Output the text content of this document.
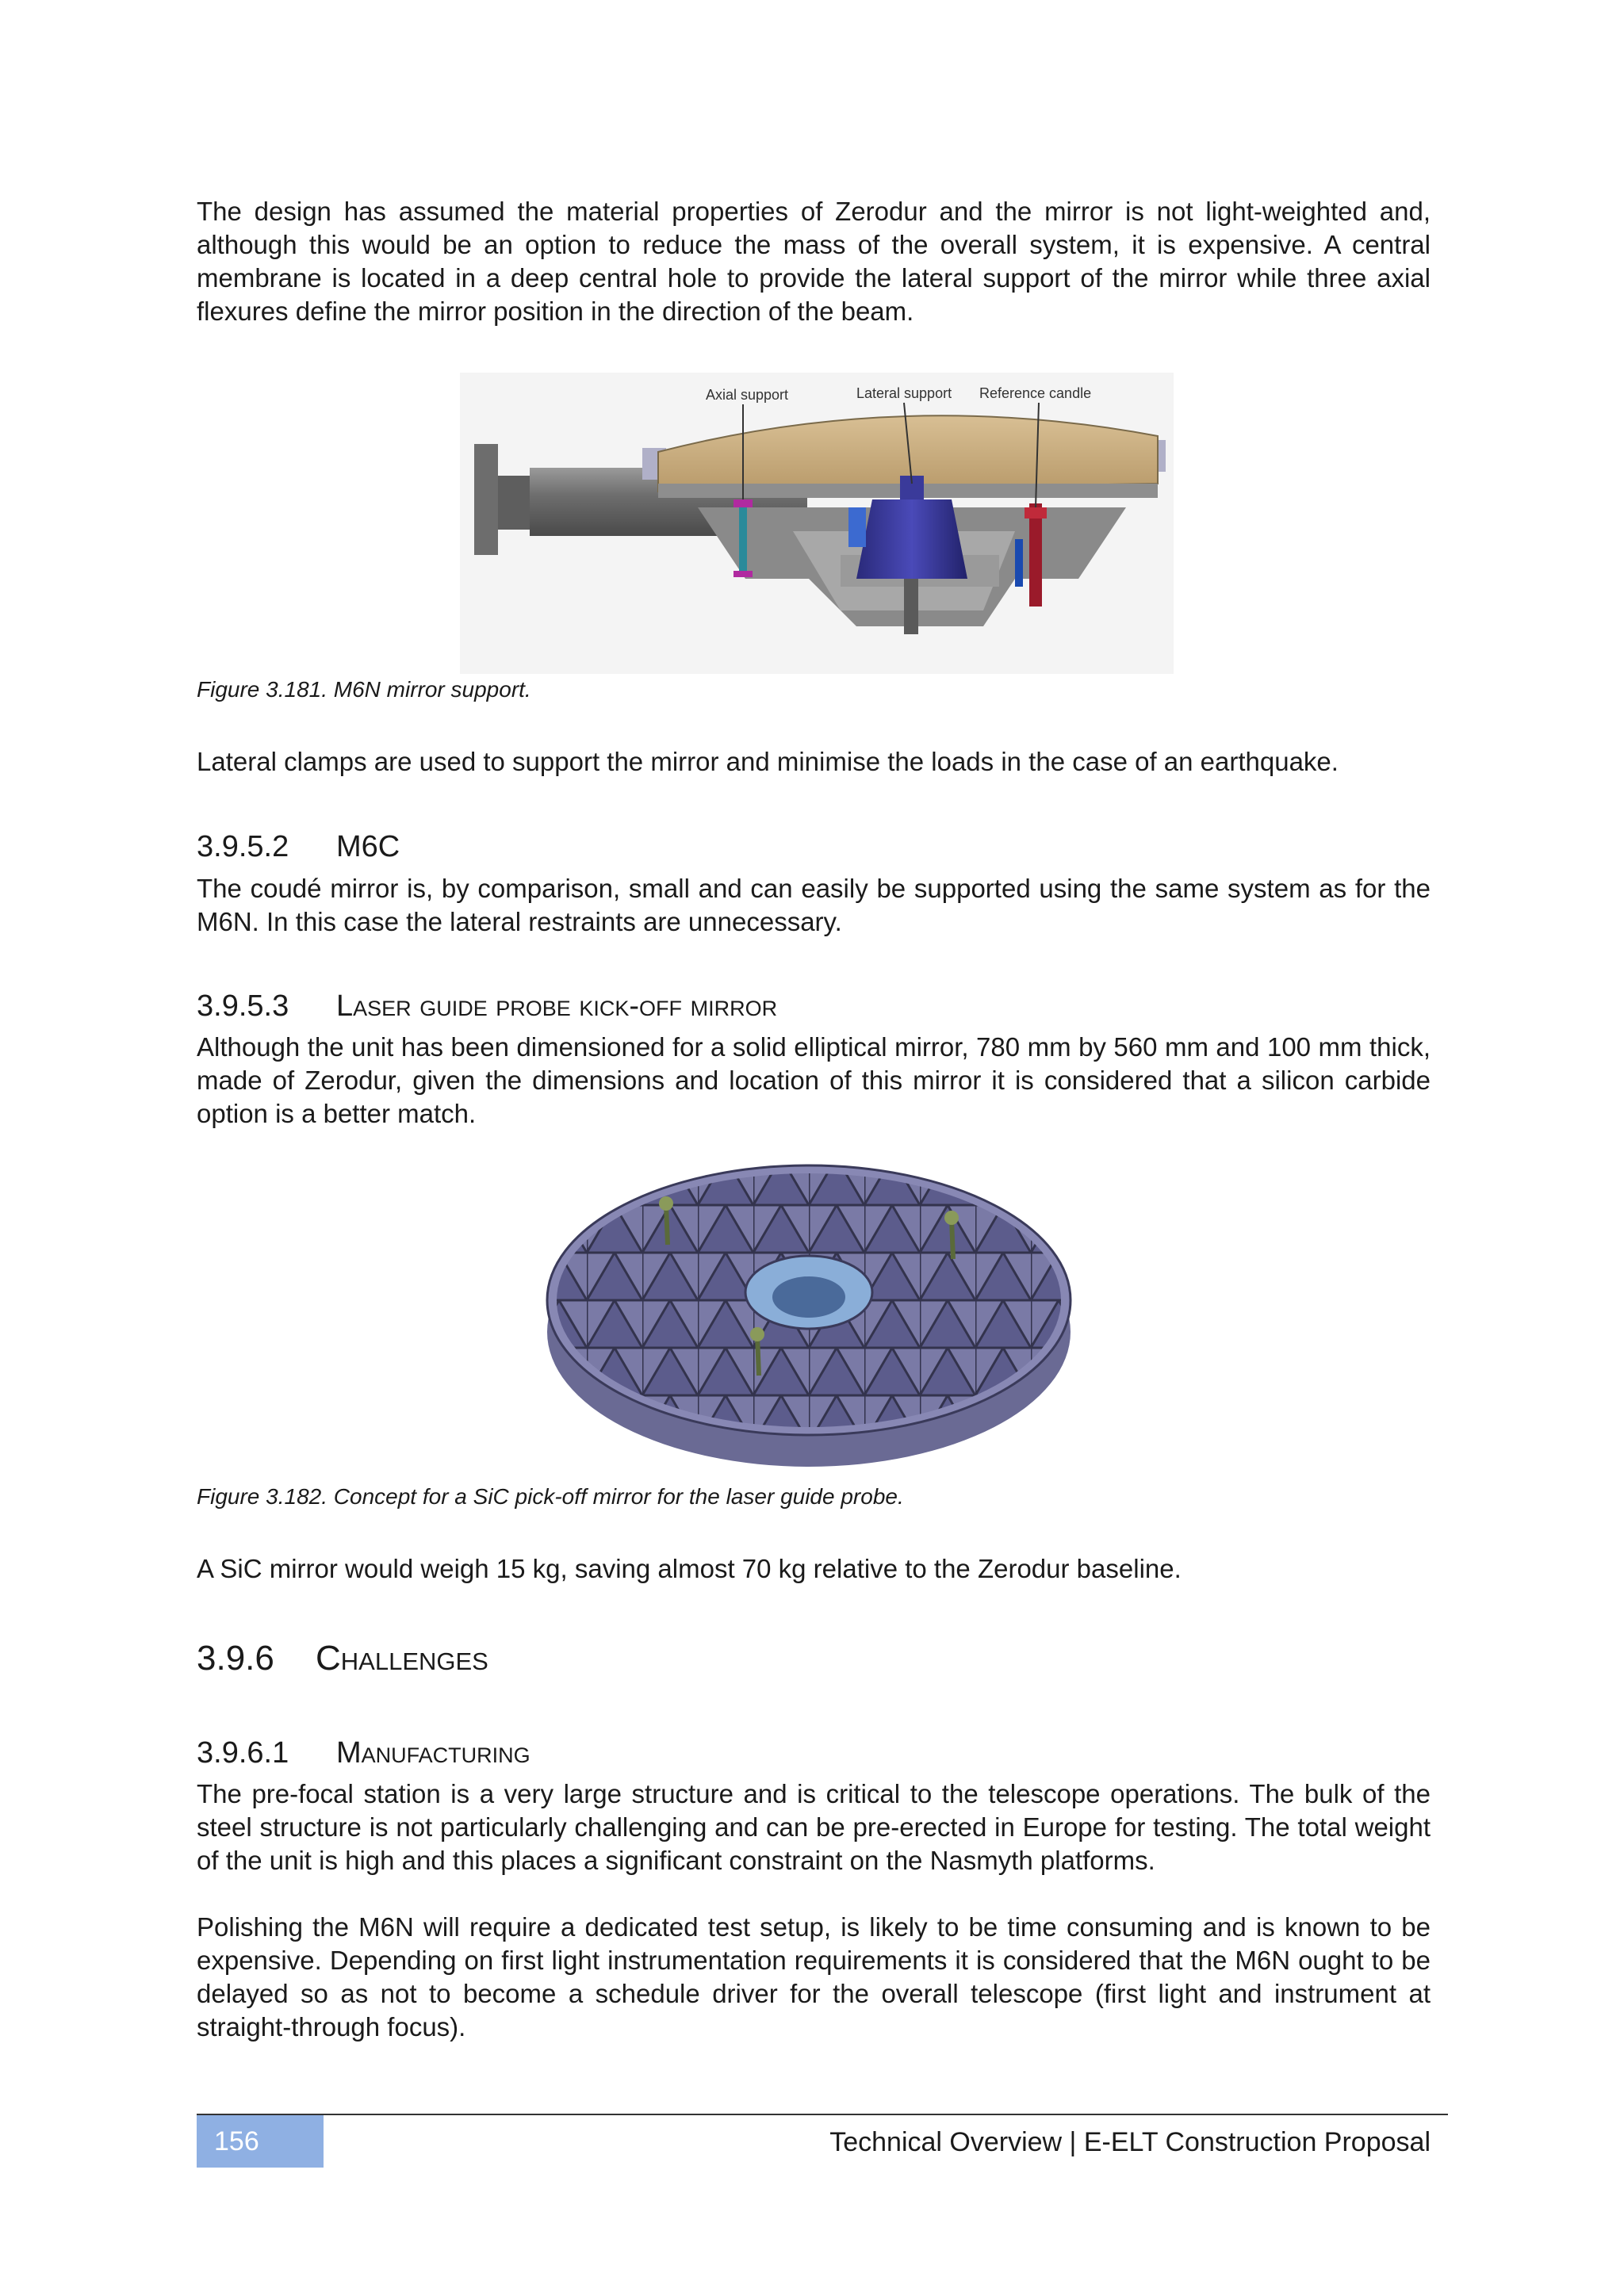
The design has assumed the material properties of Zerodur and the mirror is not light-weighted and, although this would be an option to reduce the mass of the overall system, it is expensive. A central membrane is located in a deep central hole to provide the lateral support of the mirror while three axial flexures define the mirror position in the direction of the beam.

Figure 3.181. M6N mirror support.

Lateral clamps are used to support the mirror and minimise the loads in the case of an earthquake.

3.9.5.2 M6C

The coudé mirror is, by comparison, small and can easily be supported using the same system as for the M6N. In this case the lateral restraints are unnecessary.

3.9.5.3 Laser guide probe kick-off mirror

Although the unit has been dimensioned for a solid elliptical mirror, 780 mm by 560 mm and 100 mm thick, made of Zerodur, given the dimensions and location of this mirror it is considered that a silicon carbide option is a better match.

Figure 3.182. Concept for a SiC pick-off mirror for the laser guide probe.

A SiC mirror would weigh 15 kg, saving almost 70 kg relative to the Zerodur baseline.

3.9.6 Challenges
3.9.6.1 Manufacturing

The pre-focal station is a very large structure and is critical to the telescope operations. The bulk of the steel structure is not particularly challenging and can be pre-erected in Europe for testing. The total weight of the unit is high and this places a significant constraint on the Nasmyth platforms.

Polishing the M6N will require a dedicated test setup, is likely to be time consuming and is known to be expensive. Depending on first light instrumentation requirements it is considered that the M6N ought to be delayed so as not to become a schedule driver for the overall telescope (first light and instrument at straight-through focus).

Axial support	Lateral support Reference candle
156	Technical Overview | E-ELT Construction Proposal
